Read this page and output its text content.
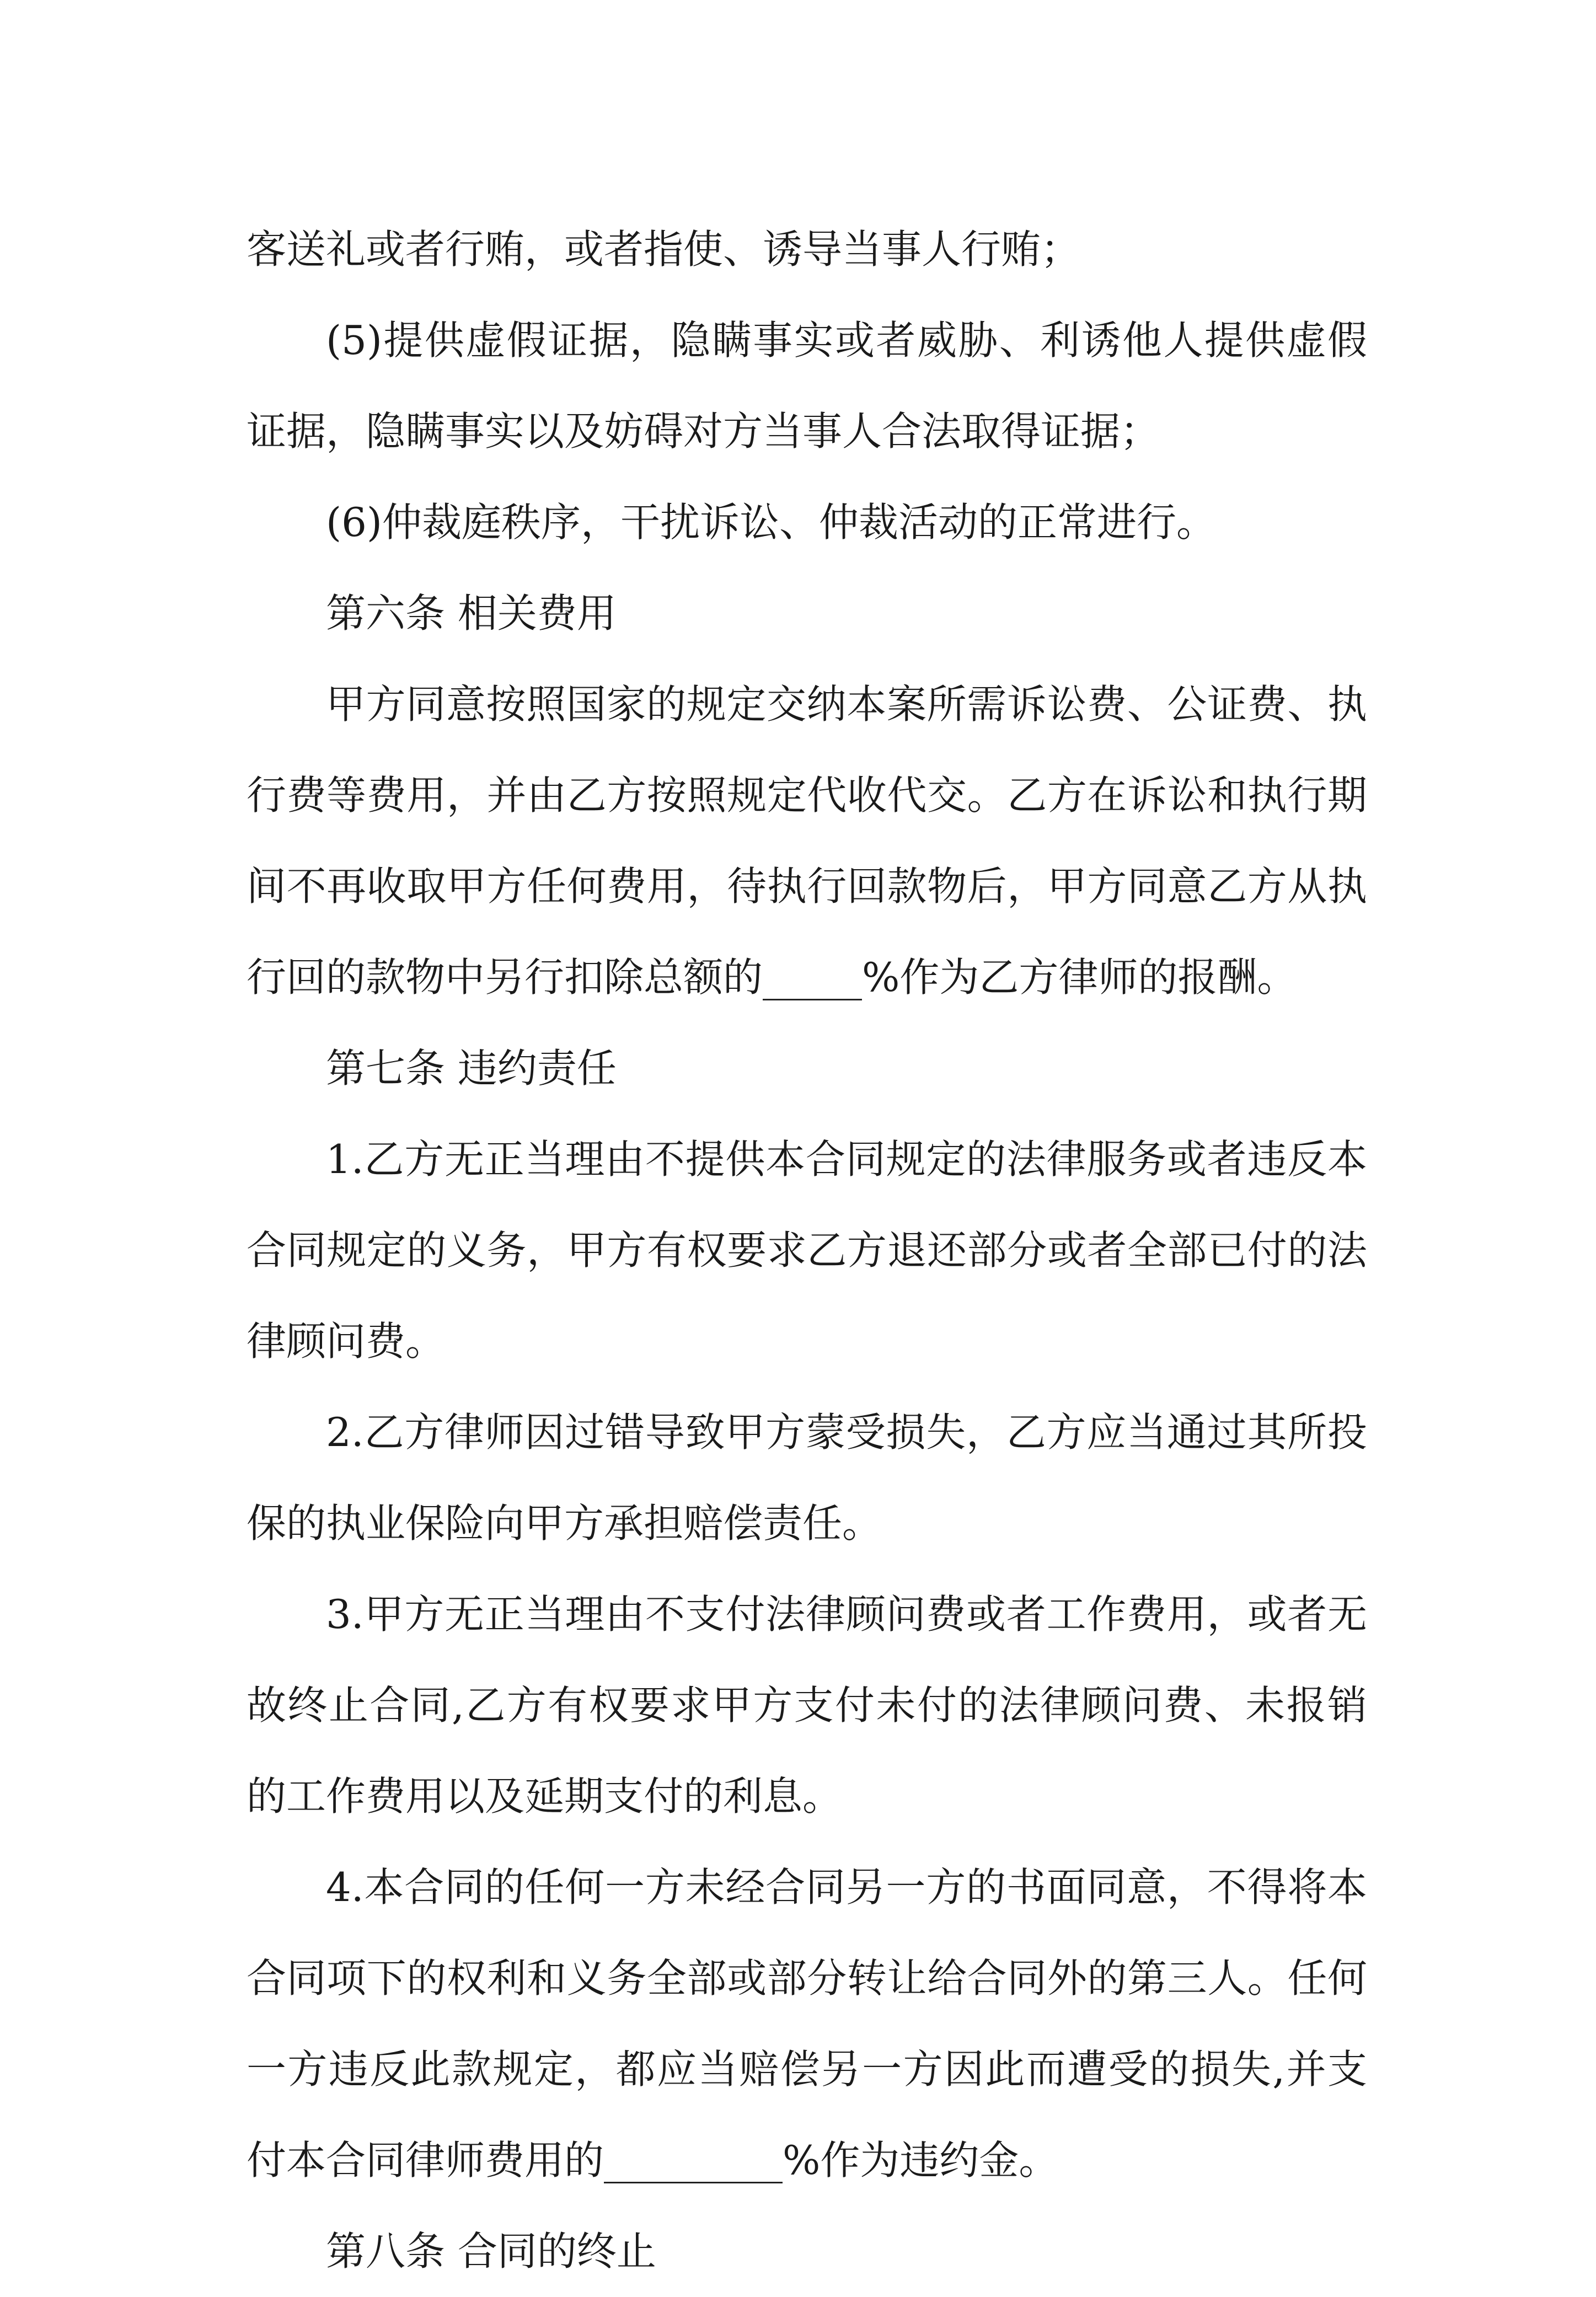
客送礼或者行贿，或者指使、诱导当事人行贿；

(5)提供虚假证据，隐瞒事实或者威胁、利诱他人提供虚假证据，隐瞒事实以及妨碍对方当事人合法取得证据；

(6)仲裁庭秩序，干扰诉讼、仲裁活动的正常进行。

第六条 相关费用

甲方同意按照国家的规定交纳本案所需诉讼费、公证费、执行费等费用，并由乙方按照规定代收代交。乙方在诉讼和执行期间不再收取甲方任何费用，待执行回款物后，甲方同意乙方从执行回的款物中另行扣除总额的_____%作为乙方律师的报酬。

第七条 违约责任

1.乙方无正当理由不提供本合同规定的法律服务或者违反本合同规定的义务，甲方有权要求乙方退还部分或者全部已付的法律顾问费。

2.乙方律师因过错导致甲方蒙受损失，乙方应当通过其所投保的执业保险向甲方承担赔偿责任。

3.甲方无正当理由不支付法律顾问费或者工作费用，或者无故终止合同,乙方有权要求甲方支付未付的法律顾问费、未报销的工作费用以及延期支付的利息。

4.本合同的任何一方未经合同另一方的书面同意，不得将本合同项下的权利和义务全部或部分转让给合同外的第三人。任何一方违反此款规定，都应当赔偿另一方因此而遭受的损失,并支付本合同律师费用的_________%作为违约金。

第八条 合同的终止
